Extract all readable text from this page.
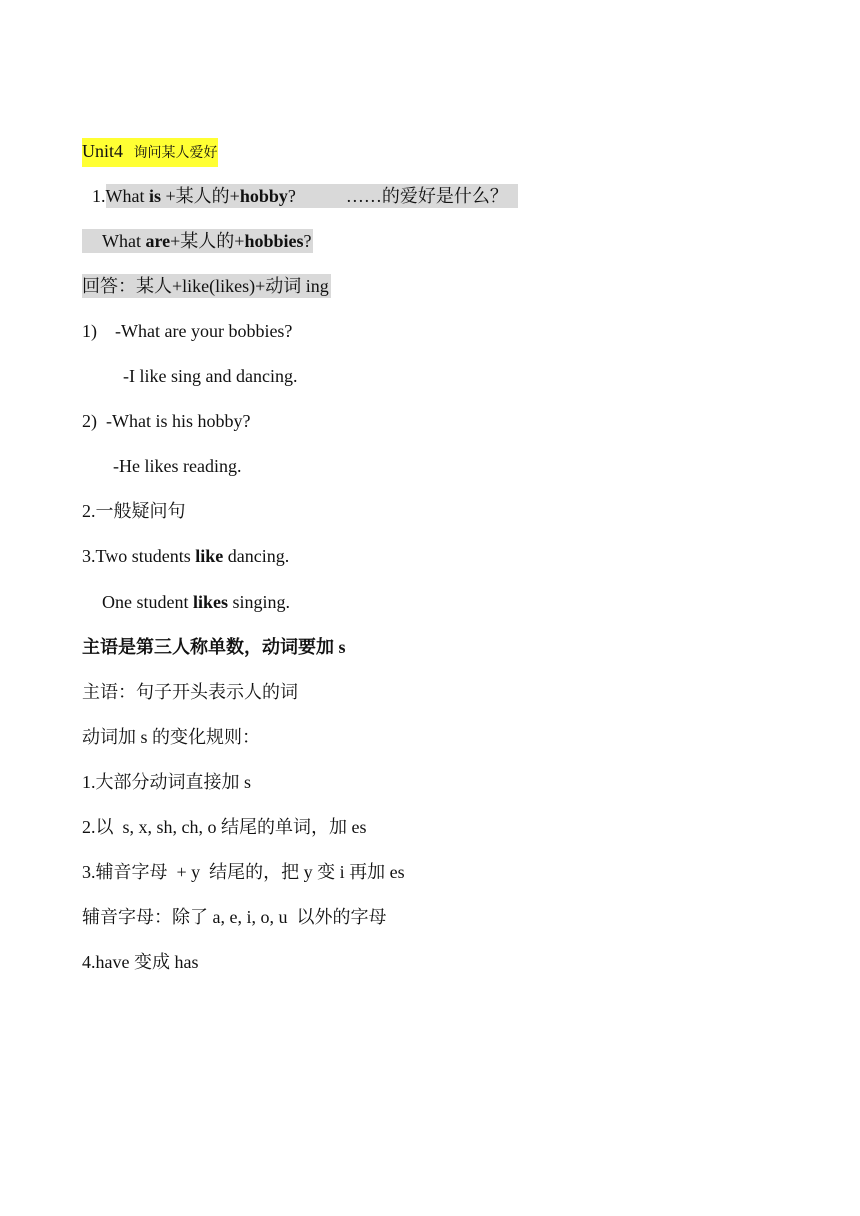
Unit4 询问某人爱好
1.What is +某人的+hobby?	……的爱好是什么？
What are+某人的+hobbies?
回答：某人+like(likes)+动词 ing
1) -What are your bobbies?
-I like sing and dancing.
2)  -What is his hobby?
-He likes reading.
2.一般疑问句
3.Two students like dancing.
One student likes singing.
主语是第三人称单数，动词要加 s
主语：句子开头表示人的词
动词加 s 的变化规则：
1.大部分动词直接加 s
2.以  s, x, sh, ch, o 结尾的单词，加 es
3.辅音字母  + y  结尾的，把 y 变 i 再加 es
辅音字母：除了 a, e, i, o, u  以外的字母
4.have 变成 has
